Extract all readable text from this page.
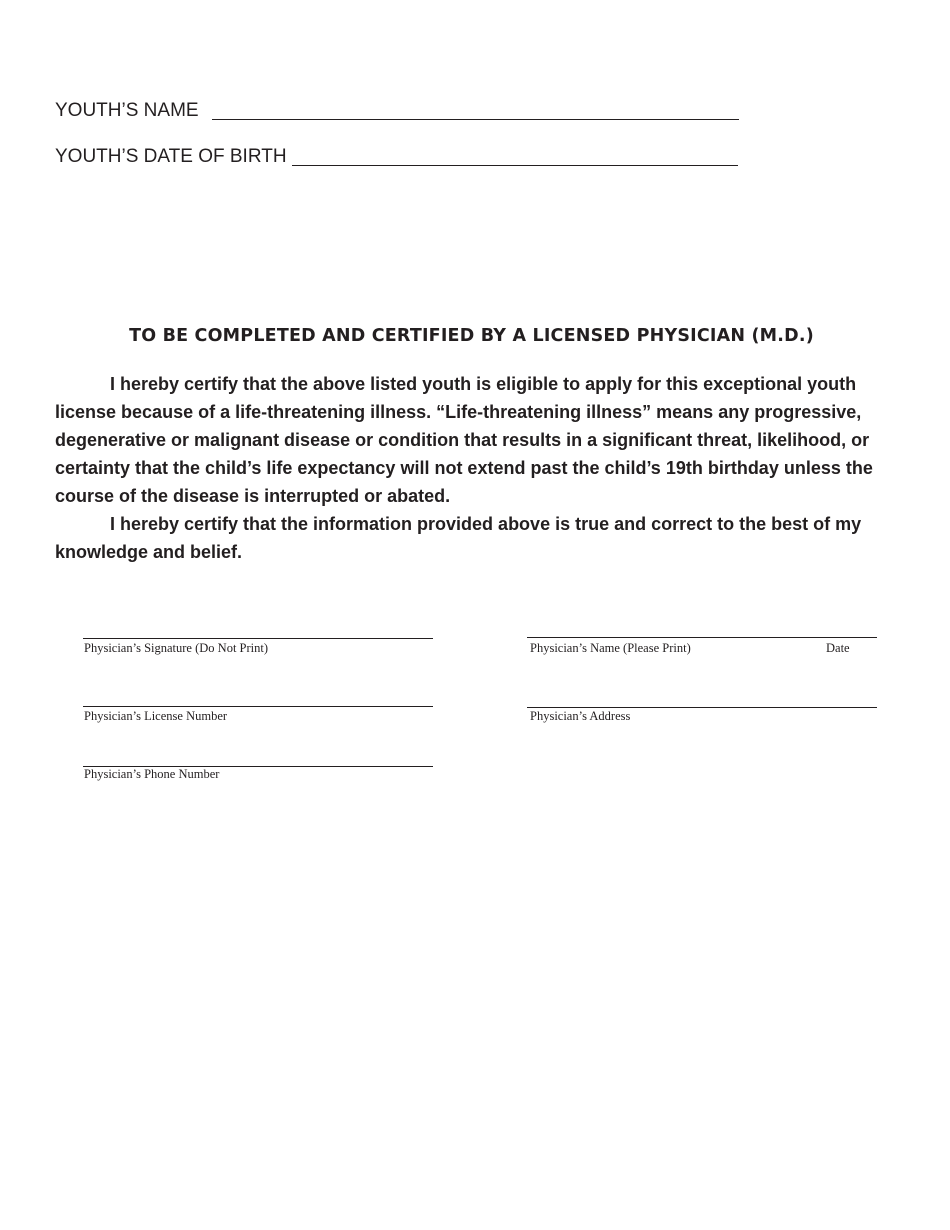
YOUTH’S NAME
YOUTH’S DATE OF BIRTH
TO BE COMPLETED AND CERTIFIED BY A LICENSED PHYSICIAN (M.D.)
I hereby certify that the above listed youth is eligible to apply for this exceptional youth license because of a life-threatening illness. “Life-threatening illness” means any progressive, degenerative or malignant disease or condition that results in a significant threat, likelihood, or certainty that the child’s life expectancy will not extend past the child’s 19th birthday unless the course of the disease is interrupted or abated.
I hereby certify that the information provided above is true and correct to the best of my knowledge and belief.
Physician’s Signature (Do Not Print)	Physician’s Name (Please Print)	Date
Physician’s License Number	Physician’s Address
Physician’s Phone Number
